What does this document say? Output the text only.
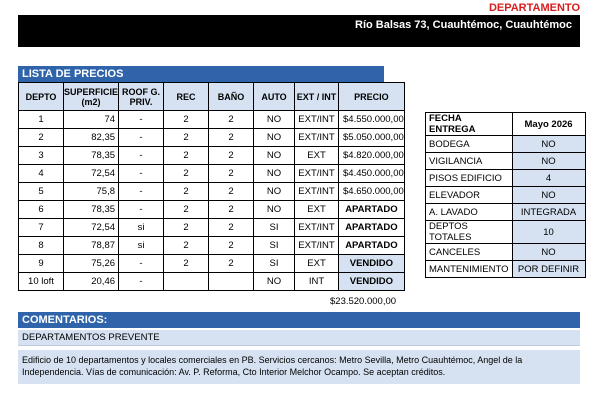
DEPARTAMENTO
Río Balsas 73, Cuauhtémoc, Cuauhtémoc
LISTA DE PRECIOS
DEPTO	SUPERFICIE (m2)	ROOF G. PRIV.	REC	BAÑO	AUTO	EXT / INT	PRECIO
1	74	-	2	2	NO	EXT/INT	$4.550.000,00
2	82,35	-	2	2	NO	EXT/INT	$5.050.000,00
3	78,35	-	2	2	NO	EXT	$4.820.000,00
4	72,54	-	2	2	NO	EXT/INT	$4.450.000,00
5	75,8	-	2	2	NO	EXT/INT	$4.650.000,00
6	78,35	-	2	2	NO	EXT	APARTADO
7	72,54	si	2	2	SI	EXT/INT	APARTADO
8	78,87	si	2	2	SI	EXT/INT	APARTADO
9	75,26	-	2	2	SI	EXT	VENDIDO
10 loft	20,46	-			NO	INT	VENDIDO
$23.520.000,00
FECHA ENTREGA	Mayo 2026
BODEGA	NO
VIGILANCIA	NO
PISOS EDIFICIO	4
ELEVADOR	NO
A. LAVADO	INTEGRADA
DEPTOS TOTALES	10
CANCELES	NO
MANTENIMIENTO	POR DEFINIR
COMENTARIOS:
DEPARTAMENTOS PREVENTE
Edificio de 10 departamentos y locales comerciales en PB. Servicios cercanos: Metro Sevilla, Metro Cuauhtémoc, Angel de la Independencia. Vías de comunicación: Av. P. Reforma, Cto Interior Melchor Ocampo. Se aceptan créditos.
